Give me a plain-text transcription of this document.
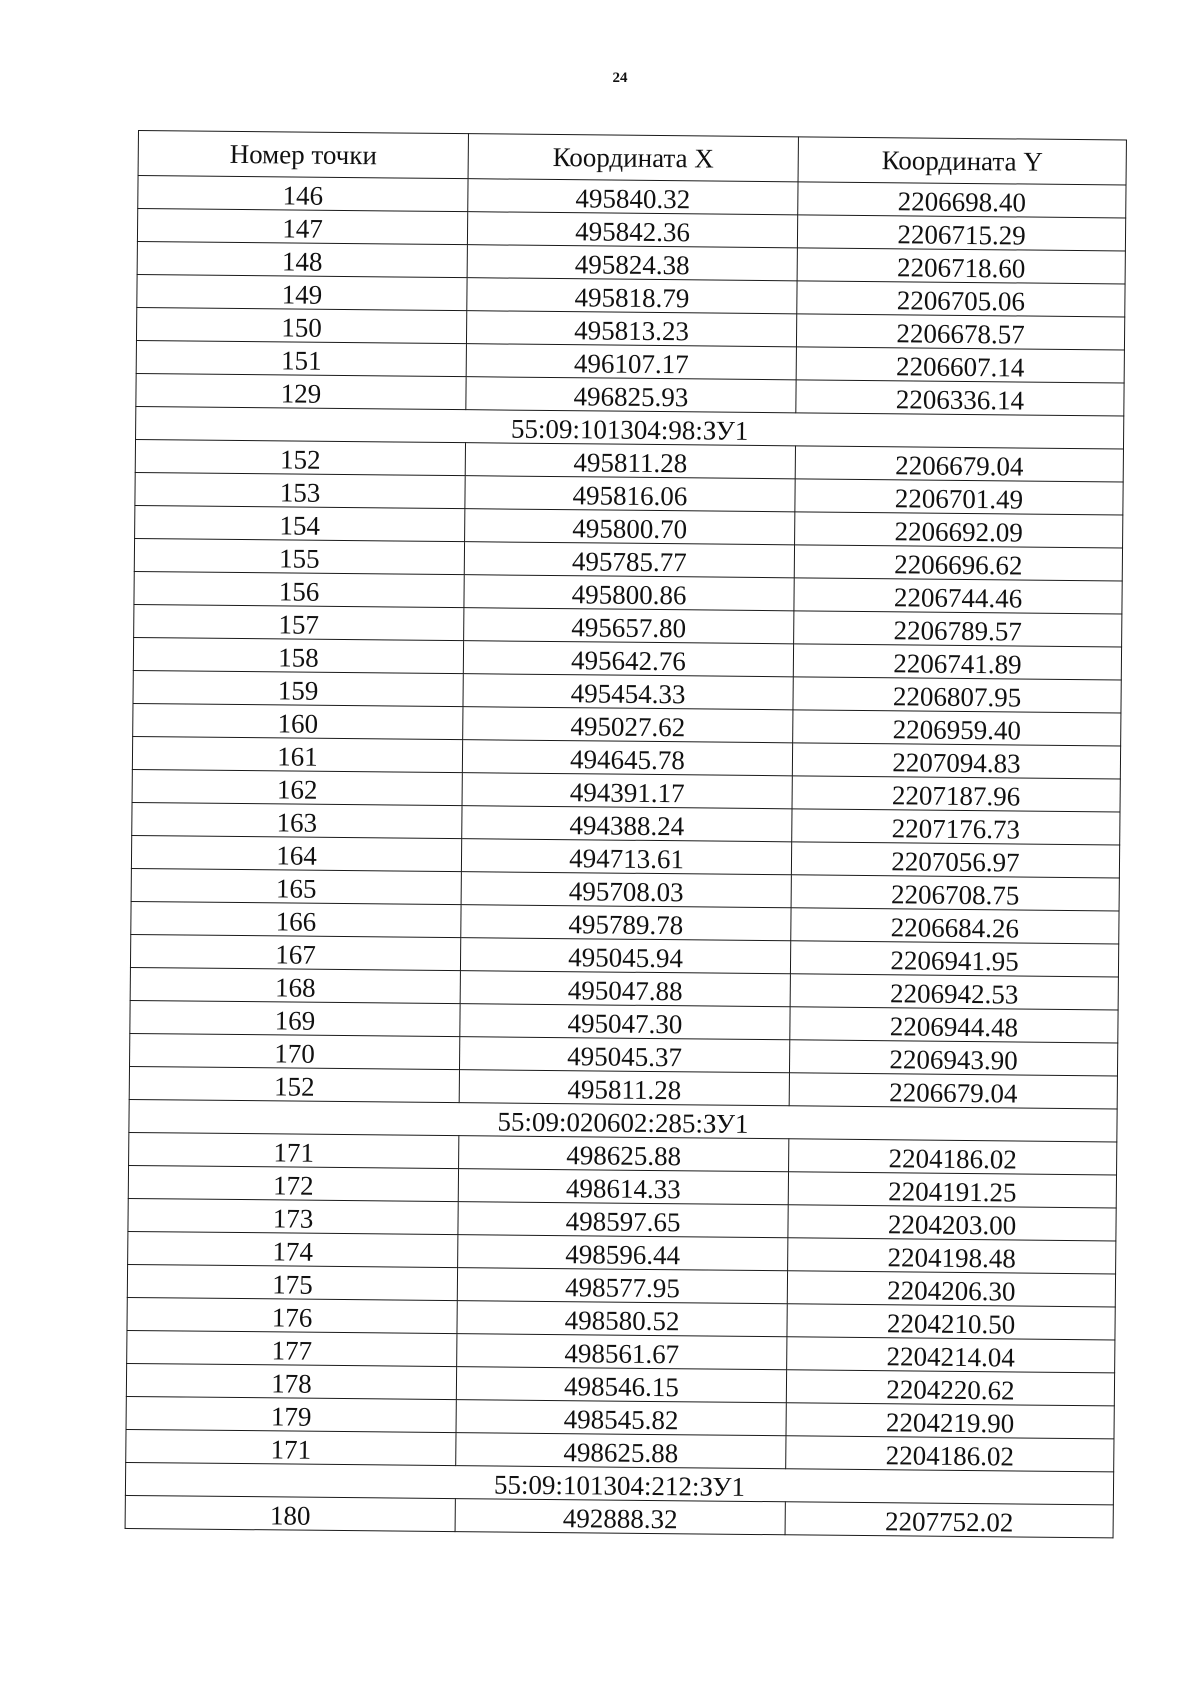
24
Номер точки	Координата X	Координата Y
146	495840.32	2206698.40
147	495842.36	2206715.29
148	495824.38	2206718.60
149	495818.79	2206705.06
150	495813.23	2206678.57
151	496107.17	2206607.14
129	496825.93	2206336.14
55:09:101304:98:ЗУ1		
152	495811.28	2206679.04
153	495816.06	2206701.49
154	495800.70	2206692.09
155	495785.77	2206696.62
156	495800.86	2206744.46
157	495657.80	2206789.57
158	495642.76	2206741.89
159	495454.33	2206807.95
160	495027.62	2206959.40
161	494645.78	2207094.83
162	494391.17	2207187.96
163	494388.24	2207176.73
164	494713.61	2207056.97
165	495708.03	2206708.75
166	495789.78	2206684.26
167	495045.94	2206941.95
168	495047.88	2206942.53
169	495047.30	2206944.48
170	495045.37	2206943.90
152	495811.28	2206679.04
55:09:020602:285:ЗУ1		
171	498625.88	2204186.02
172	498614.33	2204191.25
173	498597.65	2204203.00
174	498596.44	2204198.48
175	498577.95	2204206.30
176	498580.52	2204210.50
177	498561.67	2204214.04
178	498546.15	2204220.62
179	498545.82	2204219.90
171	498625.88	2204186.02
55:09:101304:212:ЗУ1		
180	492888.32	2207752.02
